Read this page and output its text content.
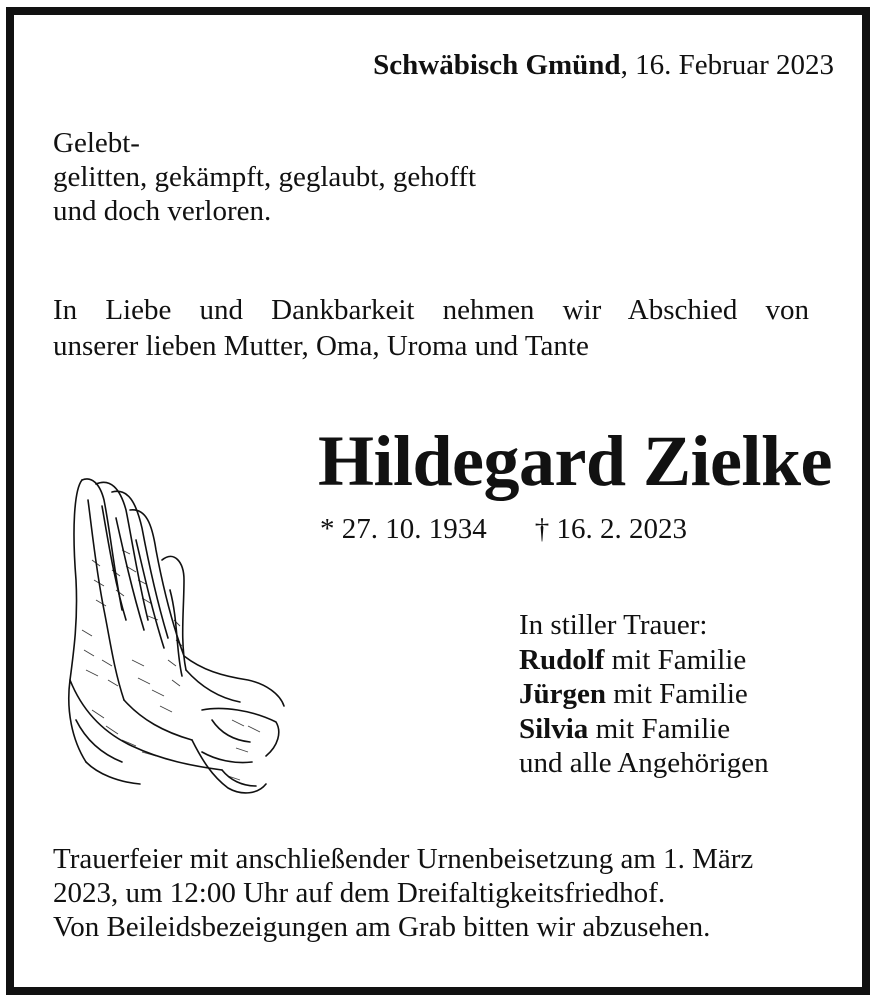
Schwäbisch Gmünd, 16. Februar 2023
Gelebt-
gelitten, gekämpft, geglaubt, gehofft
und doch verloren.
In Liebe und Dankbarkeit nehmen wir Abschied von
unserer lieben Mutter, Oma, Uroma und Tante
Hildegard Zielke
* 27. 10. 1934 † 16. 2. 2023
In stiller Trauer:
Rudolf mit Familie
Jürgen mit Familie
Silvia mit Familie
und alle Angehörigen
Trauerfeier mit anschließender Urnenbeisetzung am 1. März
2023, um 12:00 Uhr auf dem Dreifaltigkeitsfriedhof.
Von Beileidsbezeigungen am Grab bitten wir abzusehen.
